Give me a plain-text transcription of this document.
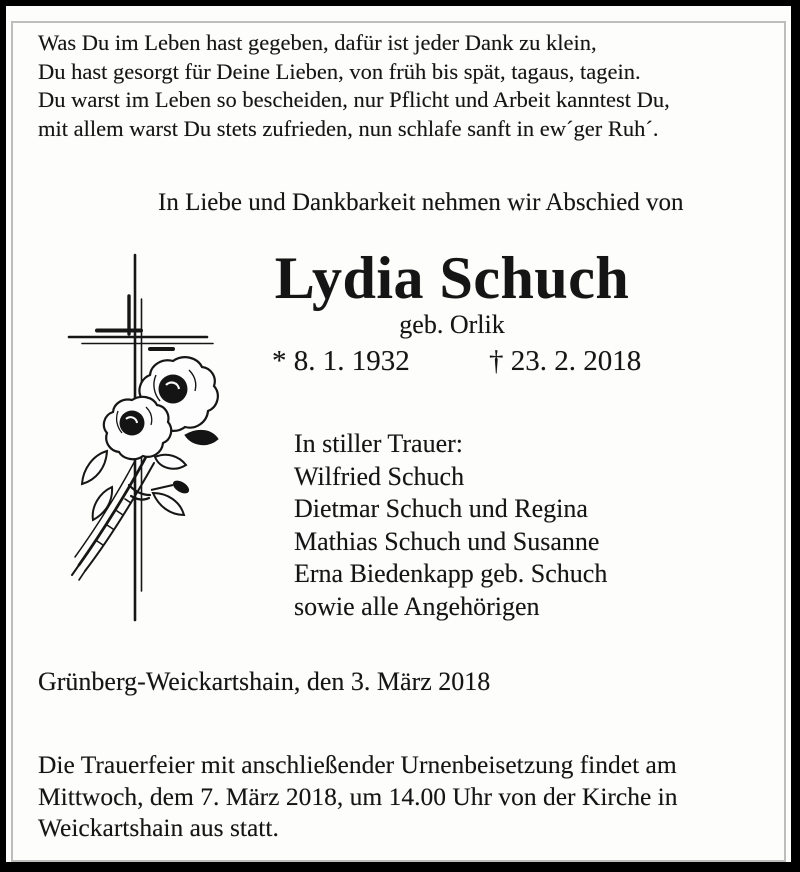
Was Du im Leben hast gegeben, dafür ist jeder Dank zu klein,
Du hast gesorgt für Deine Lieben, von früh bis spät, tagaus, tagein.
Du warst im Leben so bescheiden, nur Pflicht und Arbeit kanntest Du,
mit allem warst Du stets zufrieden, nun schlafe sanft in ew´ger Ruh´.
In Liebe und Dankbarkeit nehmen wir Abschied von
Lydia Schuch
geb. Orlik
* 8. 1. 1932	† 23. 2. 2018
In stiller Trauer:
Wilfried Schuch
Dietmar Schuch und Regina
Mathias Schuch und Susanne
Erna Biedenkapp geb. Schuch
sowie alle Angehörigen
Grünberg-Weickartshain, den 3. März 2018
Die Trauerfeier mit anschließender Urnenbeisetzung findet am
Mittwoch, dem 7. März 2018, um 14.00 Uhr von der Kirche in
Weickartshain aus statt.
